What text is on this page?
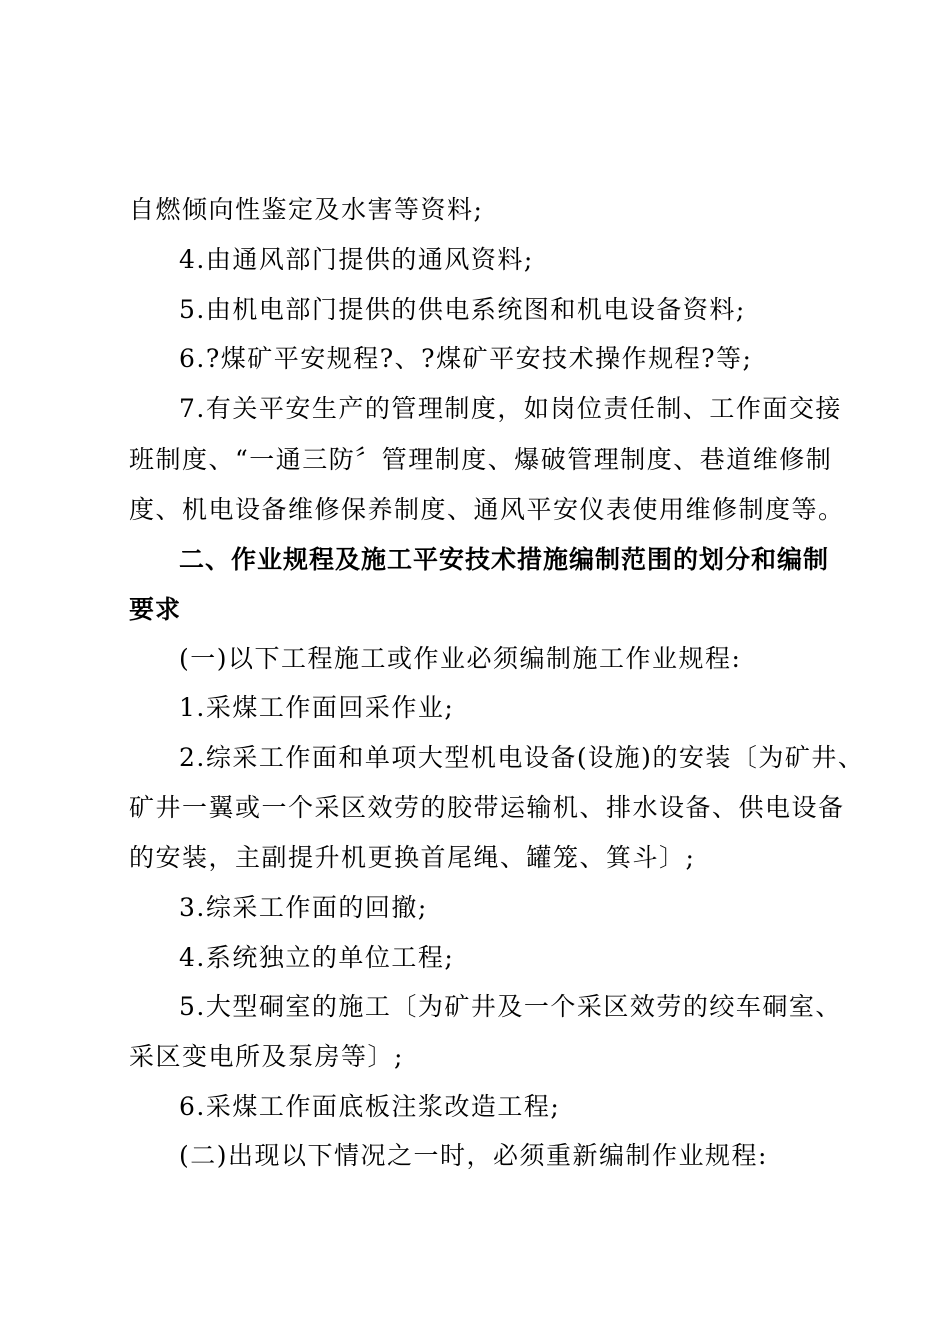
自燃倾向性鉴定及水害等资料;
4.由通风部门提供的通风资料;
5.由机电部门提供的供电系统图和机电设备资料;
6.?煤矿平安规程?、?煤矿平安技术操作规程?等;
7.有关平安生产的管理制度，如岗位责任制、工作面交接
班制度、“一通三防〞管理制度、爆破管理制度、巷道维修制
度、机电设备维修保养制度、通风平安仪表使用维修制度等。
二、作业规程及施工平安技术措施编制范围的划分和编制
要求
(一)以下工程施工或作业必须编制施工作业规程:
1.采煤工作面回采作业;
2.综采工作面和单项大型机电设备(设施)的安装〔为矿井、
矿井一翼或一个采区效劳的胶带运输机、排水设备、供电设备
的安装，主副提升机更换首尾绳、罐笼、箕斗〕;
3.综采工作面的回撤;
4.系统独立的单位工程;
5.大型硐室的施工〔为矿井及一个采区效劳的绞车硐室、
采区变电所及泵房等〕;
6.采煤工作面底板注浆改造工程;
(二)出现以下情况之一时，必须重新编制作业规程:
